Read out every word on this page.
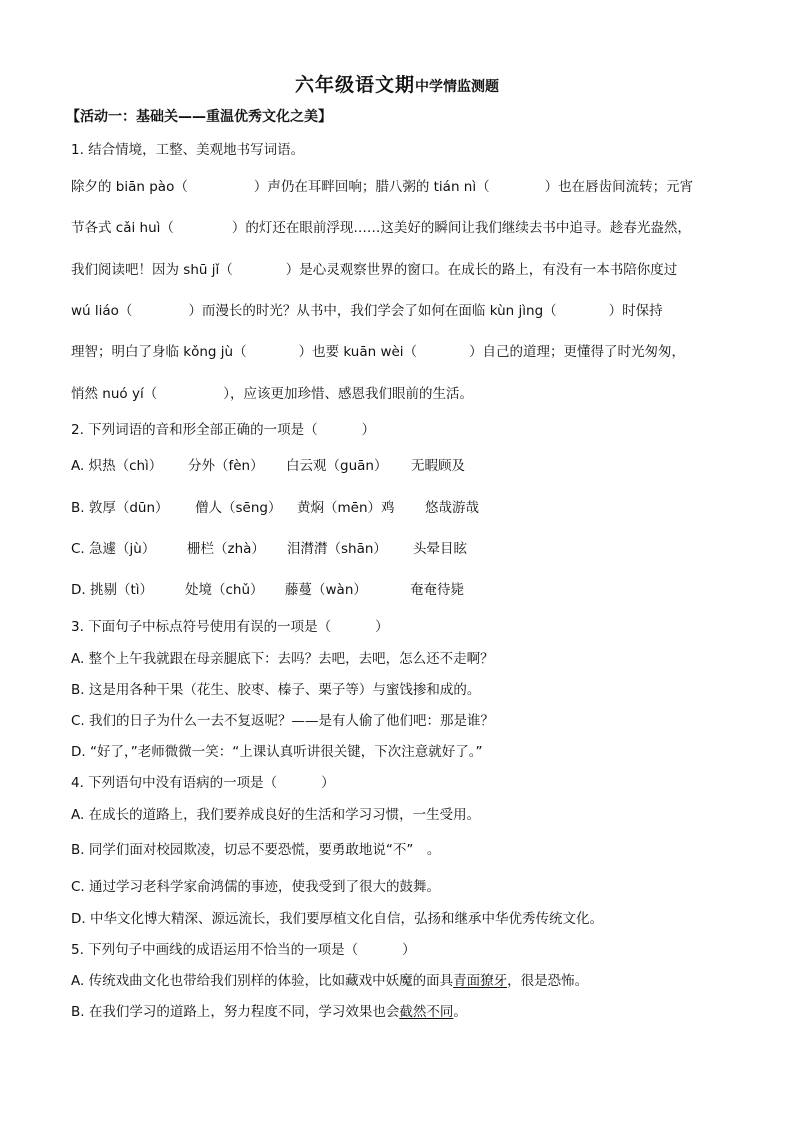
六年级语文期中学情监测题
【活动一：基础关——重温优秀文化之美】
1. 结合情境，工整、美观地书写词语。
除夕的 biān pào（	）声仍在耳畔回响；腊八粥的 tián nì（	）也在唇齿间流转；元宵
节各式 cǎi huì（	）的灯还在眼前浮现……这美好的瞬间让我们继续去书中追寻。趁春光盎然，
我们阅读吧！因为 shū jǐ（	）是心灵观察世界的窗口。在成长的路上，有没有一本书陪你度过
wú liáo（	）而漫长的时光？从书中，我们学会了如何在面临 kùn jìng（	）时保持
理智；明白了身临 kǒng jù（	）也要 kuān wèi（	）自己的道理；更懂得了时光匆匆，
悄然 nuó yí（	），应该更加珍惜、感恩我们眼前的生活。
2. 下列词语的音和形全部正确的一项是（	）
A. 炽热（chì） 分外（fèn） 白云观（guān） 无暇顾及
B. 敦厚（dūn） 僧人（sēng） 黄焖（mēn）鸡 悠哉游哉
C. 急遽（jù） 栅栏（zhà） 泪潸潸（shān） 头晕目眩
D. 挑剔（tì） 处境（chǔ） 藤蔓（wàn）	奄奄待毙
3. 下面句子中标点符号使用有误的一项是（	）
A. 整个上午我就跟在母亲腿底下：去吗？去吧，去吧，怎么还不走啊？
B. 这是用各种干果（花生、胶枣、榛子、栗子等）与蜜饯掺和成的。
C. 我们的日子为什么一去不复返呢？——是有人偷了他们吧：那是谁？
D. “好了，”老师微微一笑：“上课认真听讲很关键，下次注意就好了。”
4. 下列语句中没有语病的一项是（	）
A. 在成长的道路上，我们要养成良好的生活和学习习惯，一生受用。
B. 同学们面对校园欺凌，切忌不要恐慌，要勇敢地说“不”　。
C. 通过学习老科学家俞鸿儒的事迹，使我受到了很大的鼓舞。
D. 中华文化博大精深、源远流长，我们要厚植文化自信，弘扬和继承中华优秀传统文化。
5. 下列句子中画线的成语运用不恰当的一项是（	）
A. 传统戏曲文化也带给我们别样的体验，比如藏戏中妖魔的面具青面獠牙，很是恐怖。
B. 在我们学习的道路上，努力程度不同，学习效果也会截然不同。
